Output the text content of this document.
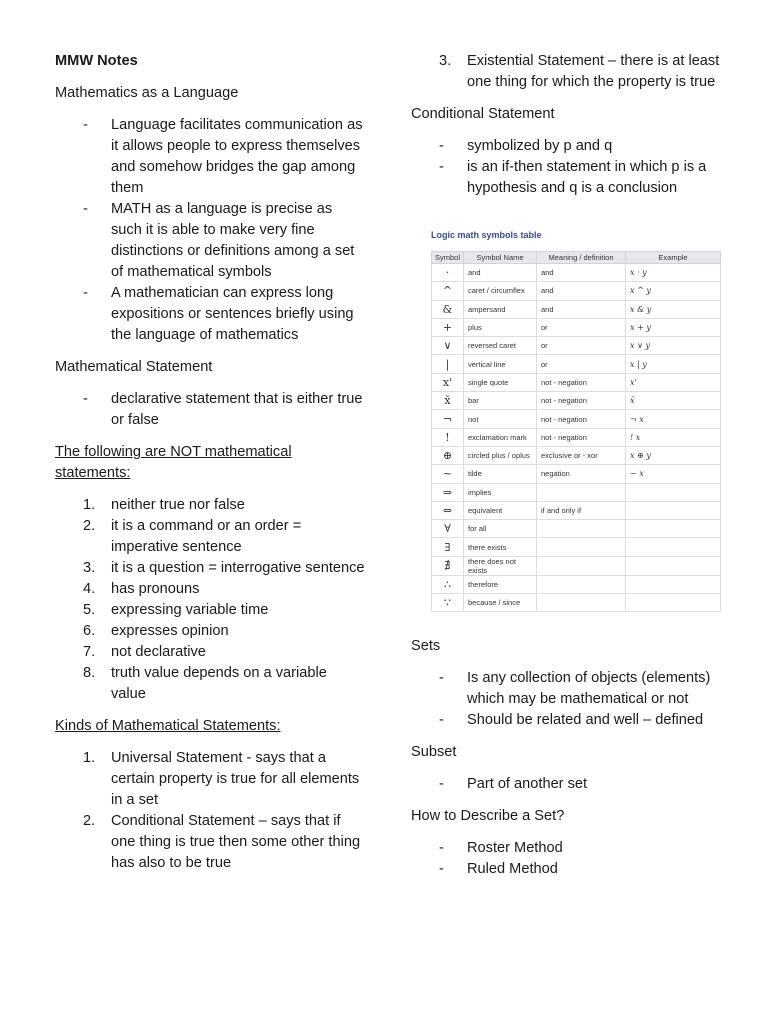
MMW Notes

Mathematics as a Language

- Language facilitates communication as it allows people to express themselves and somehow bridges the gap among them
- MATH as a language is precise as such it is able to make very fine distinctions or definitions among a set of mathematical symbols
- A mathematician can express long expositions or sentences briefly using the language of mathematics

Mathematical Statement

- declarative statement that is either true or false

The following are NOT mathematical statements:

1. neither true nor false
2. it is a command or an order = imperative sentence
3. it is a question = interrogative sentence
4. has pronouns
5. expressing variable time
6. expresses opinion
7. not declarative
8. truth value depends on a variable value

Kinds of Mathematical Statements:

1. Universal Statement - says that a certain property is true for all elements in a set
2. Conditional Statement – says that if one thing is true then some other thing has also to be true
3. Existential Statement – there is at least one thing for which the property is true

Conditional Statement

- symbolized by p and q
- is an if-then statement in which p is a hypothesis and q is a conclusion
Logic math symbols table
Symbol	Symbol Name	Meaning / definition	Example
·	and	and	x · y
^	caret / circumflex	and	x ^ y
&	ampersand	and	x & y
+	plus	or	x + y
∨	reversed caret	or	x ∨ y
|	vertical line	or	x | y
x'	single quote	not - negation	x'
x̄	bar	not - negation	x̄
¬	not	not - negation	¬ x
!	exclamation mark	not - negation	! x
⊕	circled plus / oplus	exclusive or - xor	x ⊕ y
~	tilde	negation	~ x
⇒	implies		
⇔	equivalent	if and only if	
∀	for all		
∃	there exists		
∄	there does not exists		
∴	therefore		
∵	because / since		

Sets

- Is any collection of objects (elements) which may be mathematical or not
- Should be related and well – defined

Subset

- Part of another set

How to Describe a Set?

- Roster Method
- Ruled Method
